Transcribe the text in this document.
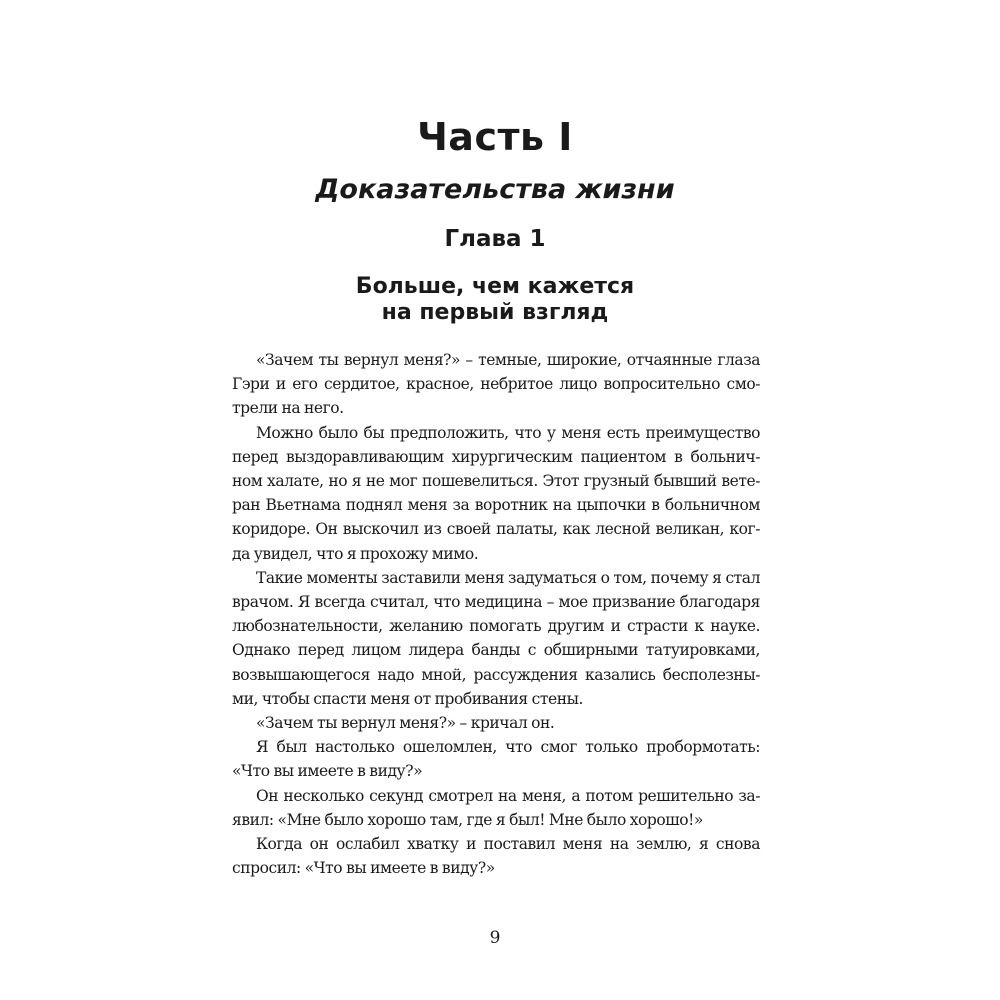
Часть I
Доказательства жизни
Глава 1
Больше, чем кажется
на первый взгляд

«Зачем ты вернул меня?» – темные, широкие, отчаянные глаза
Гэри и его сердитое, красное, небритое лицо вопросительно смо-
трели на него.

Можно было бы предположить, что у меня есть преимущество
перед выздоравливающим хирургическим пациентом в больнич-
ном халате, но я не мог пошевелиться. Этот грузный бывший вете-
ран Вьетнама поднял меня за воротник на цыпочки в больничном
коридоре. Он выскочил из своей палаты, как лесной великан, ког-
да увидел, что я прохожу мимо.

Такие моменты заставили меня задуматься о том, почему я стал
врачом. Я всегда считал, что медицина – мое призвание благодаря
любознательности, желанию помогать другим и страсти к науке.
Однако перед лицом лидера банды с обширными татуировками,
возвышающегося надо мной, рассуждения казались бесполезны-
ми, чтобы спасти меня от пробивания стены.

«Зачем ты вернул меня?» – кричал он.

Я был настолько ошеломлен, что смог только пробормотать:
«Что вы имеете в виду?»

Он несколько секунд смотрел на меня, а потом решительно за-
явил: «Мне было хорошо там, где я был! Мне было хорошо!»

Когда он ослабил хватку и поставил меня на землю, я снова
спросил: «Что вы имеете в виду?»

9
